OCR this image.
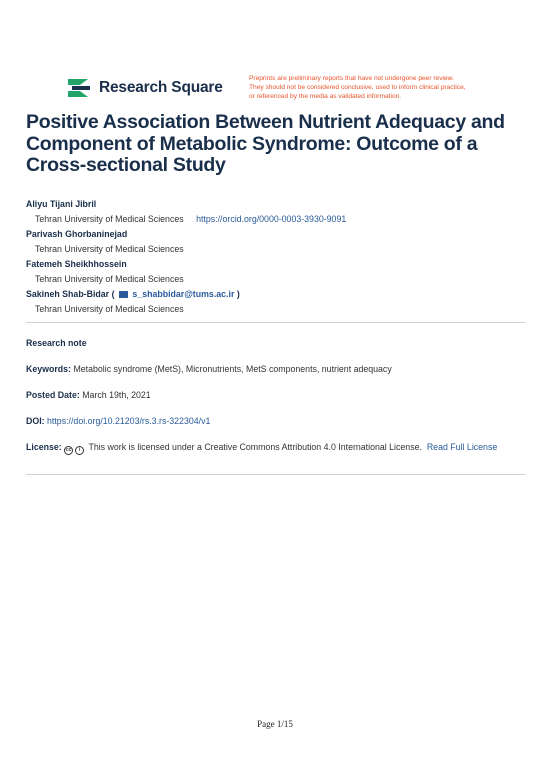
Research Square
Preprints are preliminary reports that have not undergone peer review.
They should not be considered conclusive, used to inform clinical practice,
or referenced by the media as validated information.
Positive Association Between Nutrient Adequacy and Component of Metabolic Syndrome: Outcome of a Cross-sectional Study
Aliyu Tijani Jibril
Tehran University of Medical Sciences https://orcid.org/0000-0003-3930-9091
Parivash Ghorbaninejad
Tehran University of Medical Sciences
Fatemeh Sheikhhossein
Tehran University of Medical Sciences
Sakineh Shab-Bidar ( s_shabbidar@tums.ac.ir )
Tehran University of Medical Sciences
Research note
Keywords: Metabolic syndrome (MetS), Micronutrients, MetS components, nutrient adequacy
Posted Date: March 19th, 2021
DOI: https://doi.org/10.21203/rs.3.rs-322304/v1
License: cc i This work is licensed under a Creative Commons Attribution 4.0 International License. Read Full License
Page 1/15
